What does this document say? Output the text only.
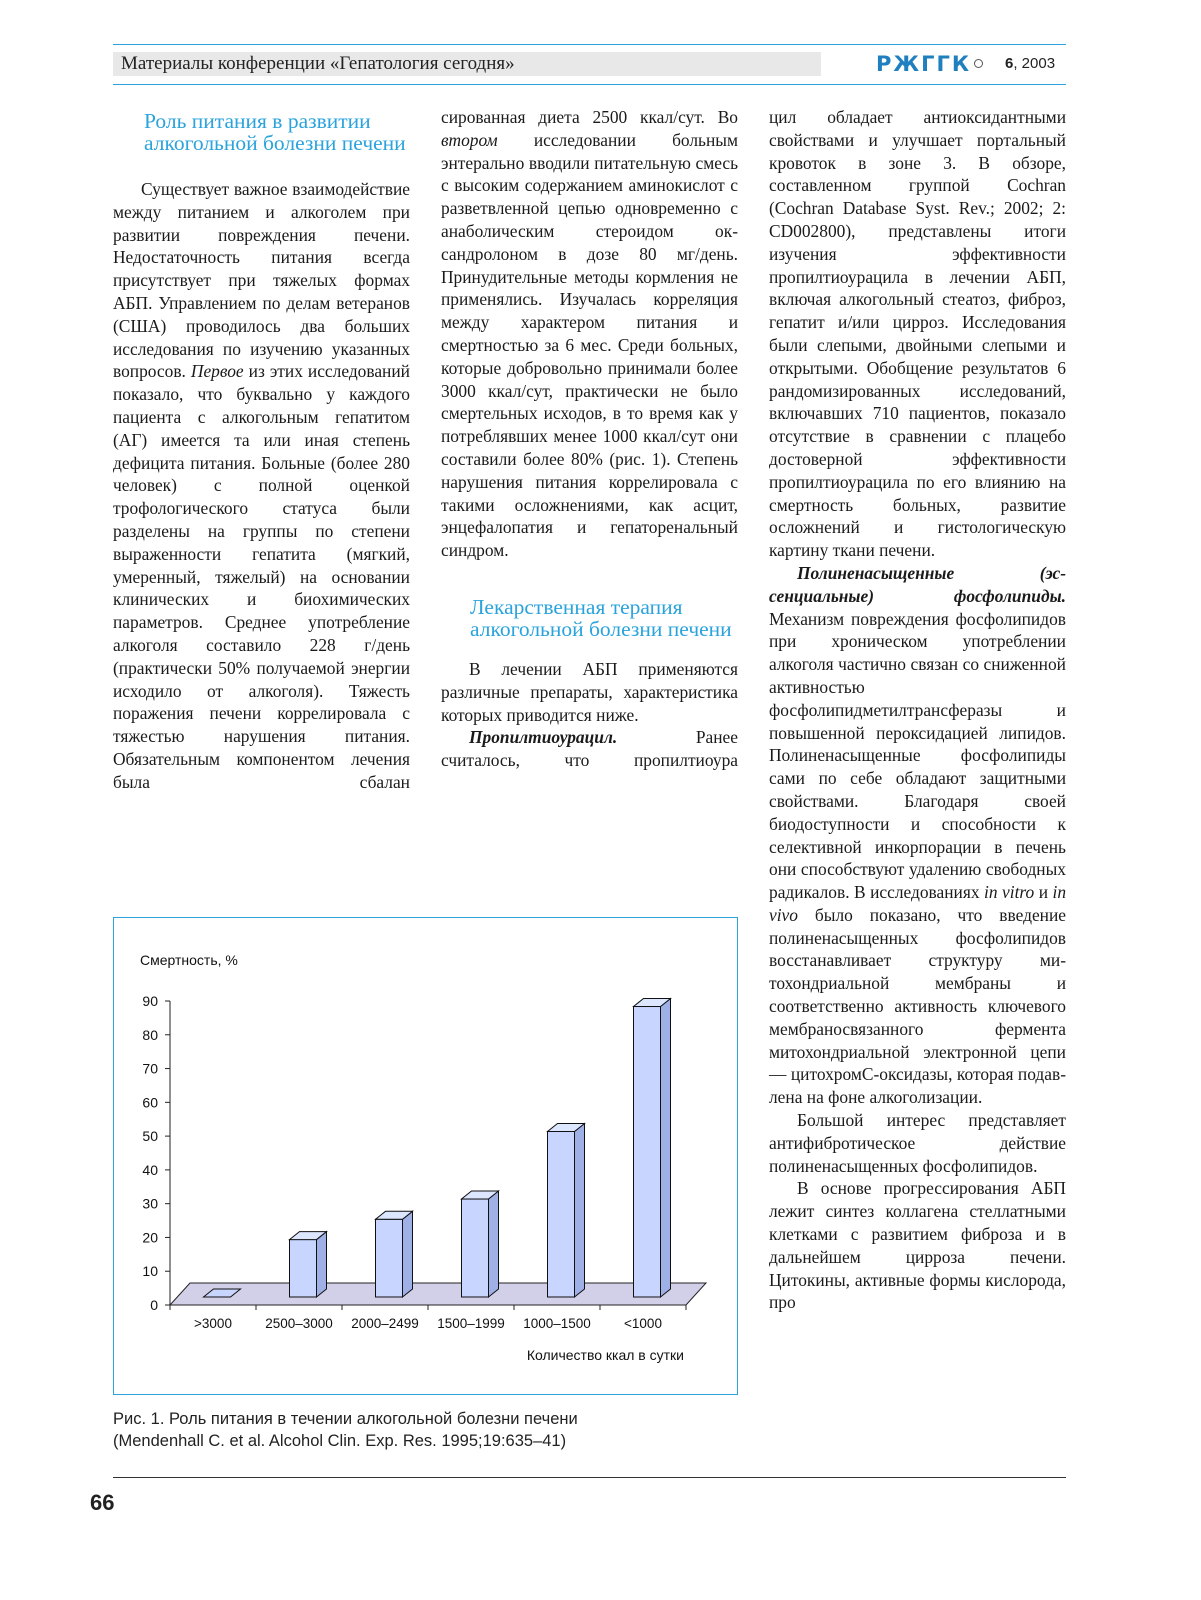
Материалы конференции «Гепатология сегодня»	РЖГГК 6, 2003
Роль питания в развитии алкогольной болезни печени

Существует важное взаимодействие между питанием и алкоголем при развитии повреждения печени. Недостаточность питания всегда присутствует при тяжелых формах АБП. Управлением по делам ветеранов (США) проводилось два больших исследования по изучению указанных вопросов. Первое из этих исследований показало, что буквально у каждого пациента с алкогольным гепатитом (АГ) имеется та или иная степень дефицита питания. Больные (более 280 человек) с полной оценкой трофологического статуса были разделены на группы по степени выраженности гепатита (мягкий, умеренный, тяжелый) на основании клинических и биохимических параметров. Среднее употребление алкоголя составило 228 г/день (практически 50% получаемой энергии исходило от алкоголя). Тяжесть поражения печени коррелировала с тяжестью нарушения питания. Обязательным компонентом лечения была сбалан

сированная диета 2500 ккал/сут. Во втором исследовании больным энтерально вводили питательную смесь с высоким содержанием аминокислот с разветвленной цепью одновременно с анаболическим стероидом оксандролоном в дозе 80 мг/день. Принудительные методы кормления не применялись. Изучалась корреляция между характером питания и смертностью за 6 мес. Среди больных, которые добровольно принимали более 3000 ккал/сут, практически не было смертельных исходов, в то время как у потреблявших менее 1000 ккал/сут они составили более 80% (рис. 1). Степень нарушения питания коррелировала с такими осложнениями, как асцит, энцефалопатия и гепаторенальный синдром.

Лекарственная терапия алкогольной болезни печени

В лечении АБП применяются различные препараты, характеристика которых приводится ниже.

Пропилтиоурацил. Ранее считалось, что пропилтиоура

цил обладает антиоксидантными свойствами и улучшает портальный кровоток в зоне 3. В обзоре, составленном группой Cochran (Cochran Database Syst. Rev.; 2002; 2: CD002800), представлены итоги изучения эффективности пропилтиоурацила в лечении АБП, включая алкогольный стеатоз, фиброз, гепатит и/или цирроз. Исследования были слепыми, двойными слепыми и открытыми. Обобщение результатов 6 рандомизированных исследований, включавших 710 пациентов, показало отсутствие в сравнении с плацебо достоверной эффективности пропилтиоурацила по его влиянию на смертность больных, развитие осложнений и гистологическую картину ткани печени.

Полиненасыщенные (эссенциальные) фосфолипиды. Механизм повреждения фосфолипидов при хроническом употреблении алкоголя частично связан со сниженной активностью фосфолипидметилтрансферазы и повышенной пероксидацией липидов. Полиненасыщенные фосфолипиды сами по себе обладают защитными свойствами. Благодаря своей биодоступности и способности к селективной инкорпорации в печень они способствуют удалению свободных радикалов. В исследованиях in vitro и in vivo было показано, что введение полиненасыщенных фосфолипидов восстанавливает структуру митохондриальной мембраны и соответственно активность ключевого мембраносвязанного фермента митохондриальной электронной цепи — цитохромС-оксидазы, которая подавлена на фоне алкоголизации.

Большой интерес представляет антифибротическое действие полиненасыщенных фосфолипидов.

В основе прогрессирования АБП лежит синтез коллагена стеллатными клетками с развитием фиброза и в дальнейшем цирроза печени. Цитокины, активные формы кислорода, про

Смертность, %
Количество ккал в сутки
0
10
20
30
40
50
60
70
80
90
>3000 2500–3000 2000–2499 1500–1999 1000–1500 <1000
Рис. 1. Роль питания в течении алкогольной болезни печени
(Mendenhall C. et al. Alcohol Clin. Exp. Res. 1995;19:635–41)
66
